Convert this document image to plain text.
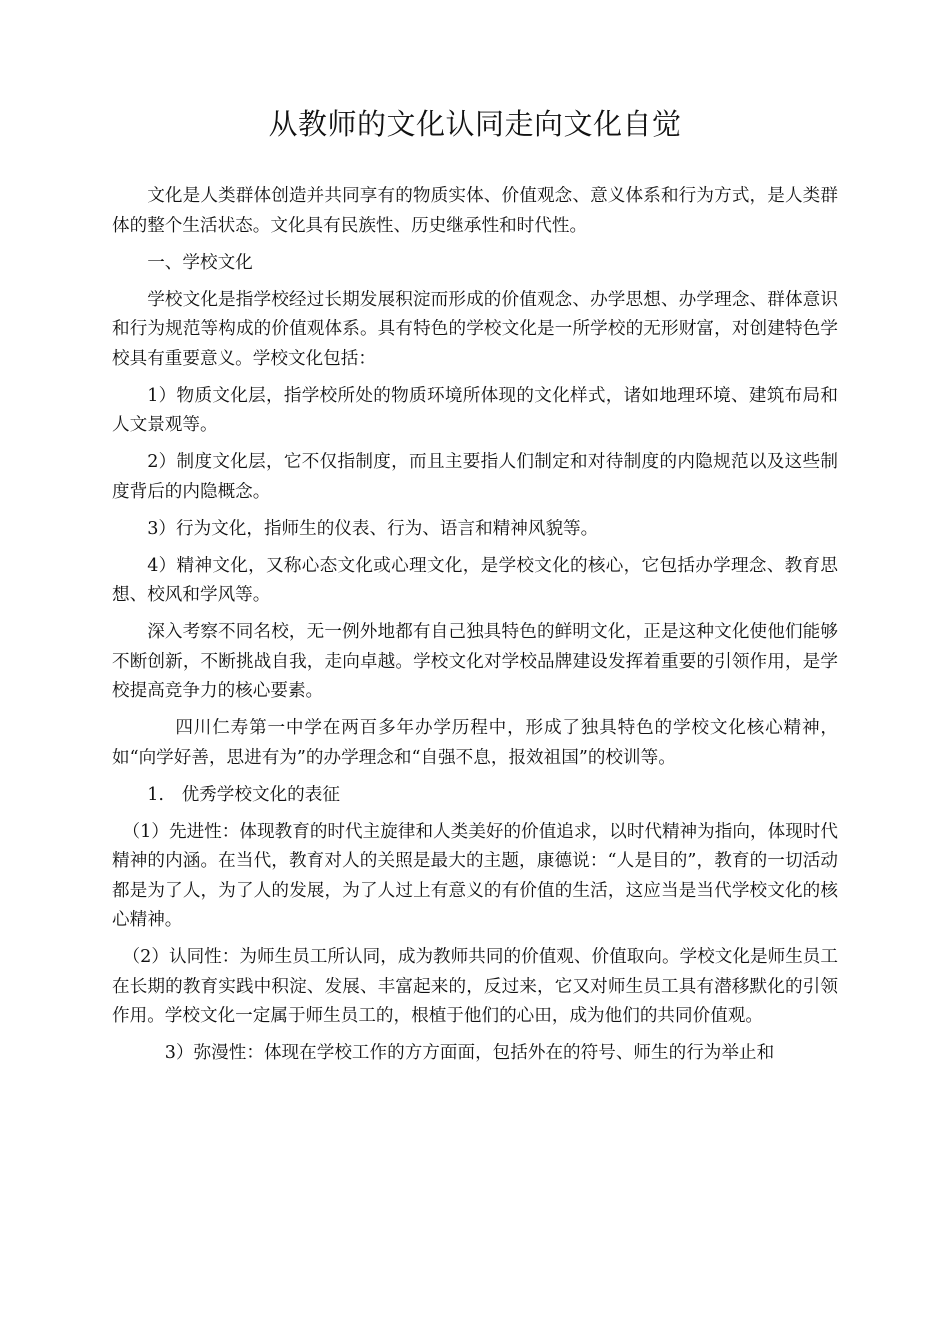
从教师的文化认同走向文化自觉

文化是人类群体创造并共同享有的物质实体、价值观念、意义体系和行为方式，是人类群体的整个生活状态。文化具有民族性、历史继承性和时代性。

一、学校文化

学校文化是指学校经过长期发展积淀而形成的价值观念、办学思想、办学理念、群体意识和行为规范等构成的价值观体系。具有特色的学校文化是一所学校的无形财富，对创建特色学校具有重要意义。学校文化包括：

1）物质文化层，指学校所处的物质环境所体现的文化样式，诸如地理环境、建筑布局和人文景观等。

2）制度文化层，它不仅指制度，而且主要指人们制定和对待制度的内隐规范以及这些制度背后的内隐概念。

3）行为文化，指师生的仪表、行为、语言和精神风貌等。

4）精神文化，又称心态文化或心理文化，是学校文化的核心，它包括办学理念、教育思想、校风和学风等。

深入考察不同名校，无一例外地都有自己独具特色的鲜明文化，正是这种文化使他们能够不断创新，不断挑战自我，走向卓越。学校文化对学校品牌建设发挥着重要的引领作用，是学校提高竞争力的核心要素。

四川仁寿第一中学在两百多年办学历程中，形成了独具特色的学校文化核心精神，如“向学好善，思进有为”的办学理念和“自强不息，报效祖国”的校训等。

1.　优秀学校文化的表征

（1）先进性：体现教育的时代主旋律和人类美好的价值追求，以时代精神为指向，体现时代精神的内涵。在当代，教育对人的关照是最大的主题，康德说：“人是目的”，教育的一切活动都是为了人，为了人的发展，为了人过上有意义的有价值的生活，这应当是当代学校文化的核心精神。

（2）认同性：为师生员工所认同，成为教师共同的价值观、价值取向。学校文化是师生员工在长期的教育实践中积淀、发展、丰富起来的，反过来，它又对师生员工具有潜移默化的引领作用。学校文化一定属于师生员工的，根植于他们的心田，成为他们的共同价值观。

3）弥漫性：体现在学校工作的方方面面，包括外在的符号、师生的行为举止和
